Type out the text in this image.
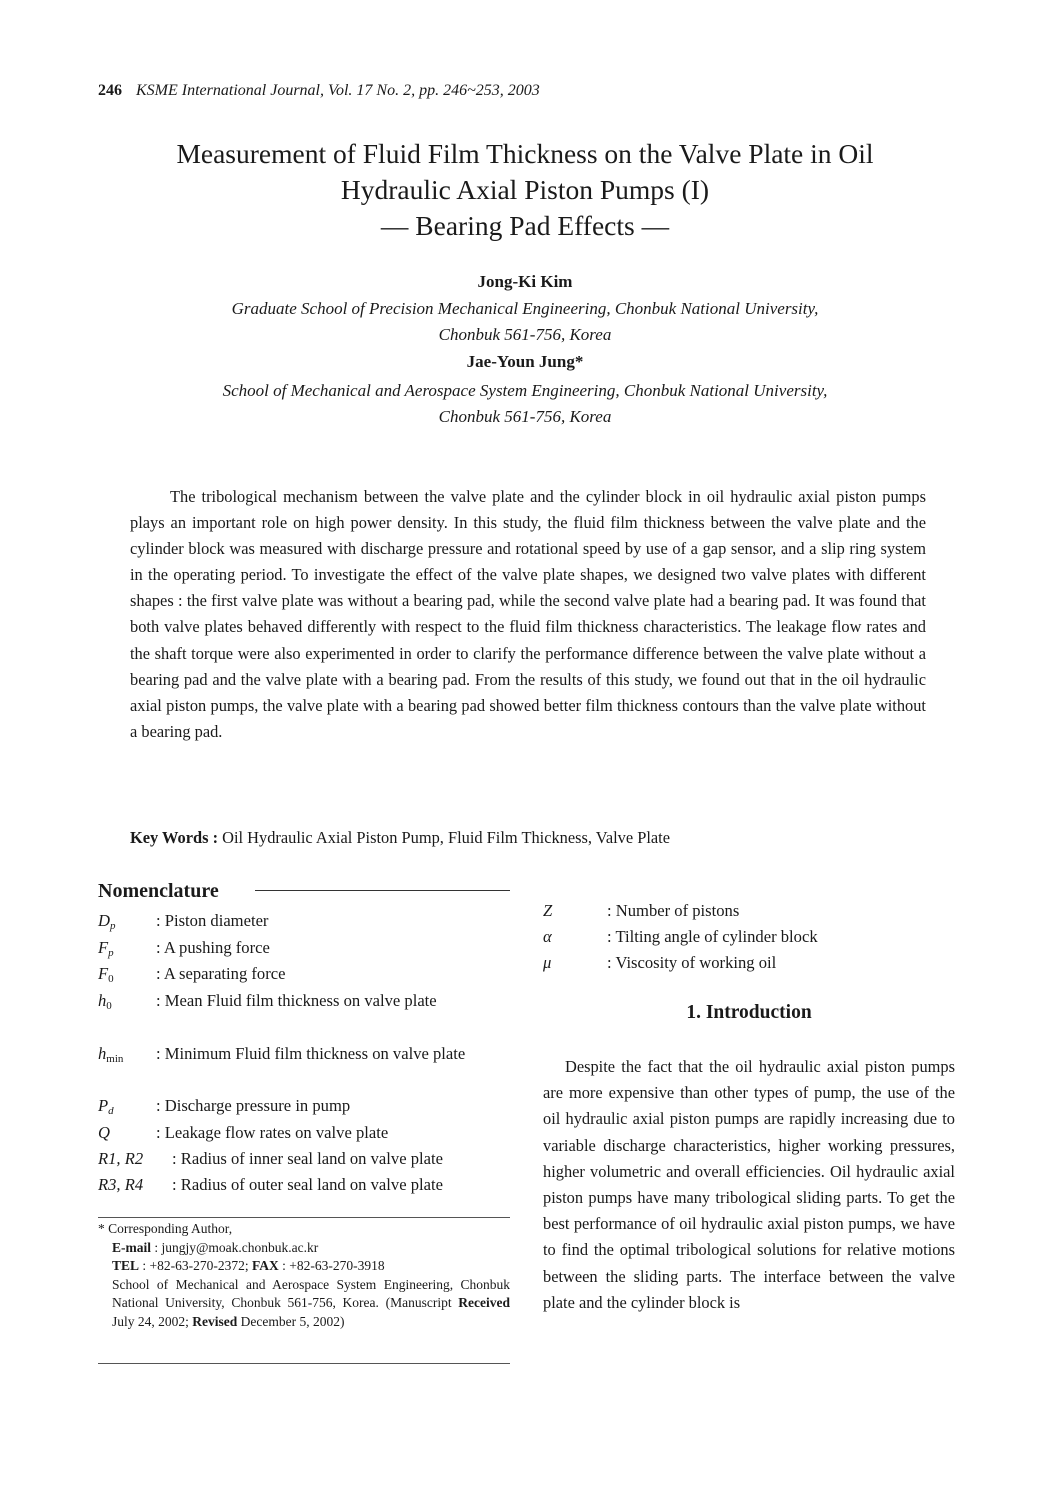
246 KSME International Journal, Vol. 17 No. 2, pp. 246~253, 2003
Measurement of Fluid Film Thickness on the Valve Plate in Oil
Hydraulic Axial Piston Pumps (I)
— Bearing Pad Effects —
Jong-Ki Kim
Graduate School of Precision Mechanical Engineering, Chonbuk National University,
Chonbuk 561-756, Korea
Jae-Youn Jung*
School of Mechanical and Aerospace System Engineering, Chonbuk National University,
Chonbuk 561-756, Korea

The tribological mechanism between the valve plate and the cylinder block in oil hydraulic axial piston pumps plays an important role on high power density. In this study, the fluid film thickness between the valve plate and the cylinder block was measured with discharge pressure and rotational speed by use of a gap sensor, and a slip ring system in the operating period. To investigate the effect of the valve plate shapes, we designed two valve plates with different shapes : the first valve plate was without a bearing pad, while the second valve plate had a bearing pad. It was found that both valve plates behaved differently with respect to the fluid film thickness characteristics. The leakage flow rates and the shaft torque were also experimented in order to clarify the performance difference between the valve plate without a bearing pad and the valve plate with a bearing pad. From the results of this study, we found out that in the oil hydraulic axial piston pumps, the valve plate with a bearing pad showed better film thickness contours than the valve plate without a bearing pad.

Key Words : Oil Hydraulic Axial Piston Pump, Fluid Film Thickness, Valve Plate
Nomenclature
$D_p$	: Piston diameter
$F_p$	: A pushing force
F0	: A separating force
h0	: Mean Fluid film thickness on valve plate
hmin	: Minimum Fluid film thickness on valve plate
$P_d$	: Discharge pressure in pump
Q	: Leakage flow rates on valve plate
R1, R2	: Radius of inner seal land on valve plate
R3, R4	: Radius of outer seal land on valve plate
Z	: Number of pistons
α	: Tilting angle of cylinder block
μ	: Viscosity of working oil

* Corresponding Author,

E-mail : jungjy@moak.chonbuk.ac.kr

TEL : +82-63-270-2372; FAX : +82-63-270-3918

School of Mechanical and Aerospace System Engineering, Chonbuk National University, Chonbuk 561-756, Korea. (Manuscript Received July 24, 2002; Revised December 5, 2002)

1. Introduction

Despite the fact that the oil hydraulic axial piston pumps are more expensive than other types of pump, the use of the oil hydraulic axial piston pumps are rapidly increasing due to variable discharge characteristics, higher working pressures, higher volumetric and overall efficiencies. Oil hydraulic axial piston pumps have many tribological sliding parts. To get the best performance of oil hydraulic axial piston pumps, we have to find the optimal tribological solutions for relative motions between the sliding parts. The interface between the valve plate and the cylinder block is
